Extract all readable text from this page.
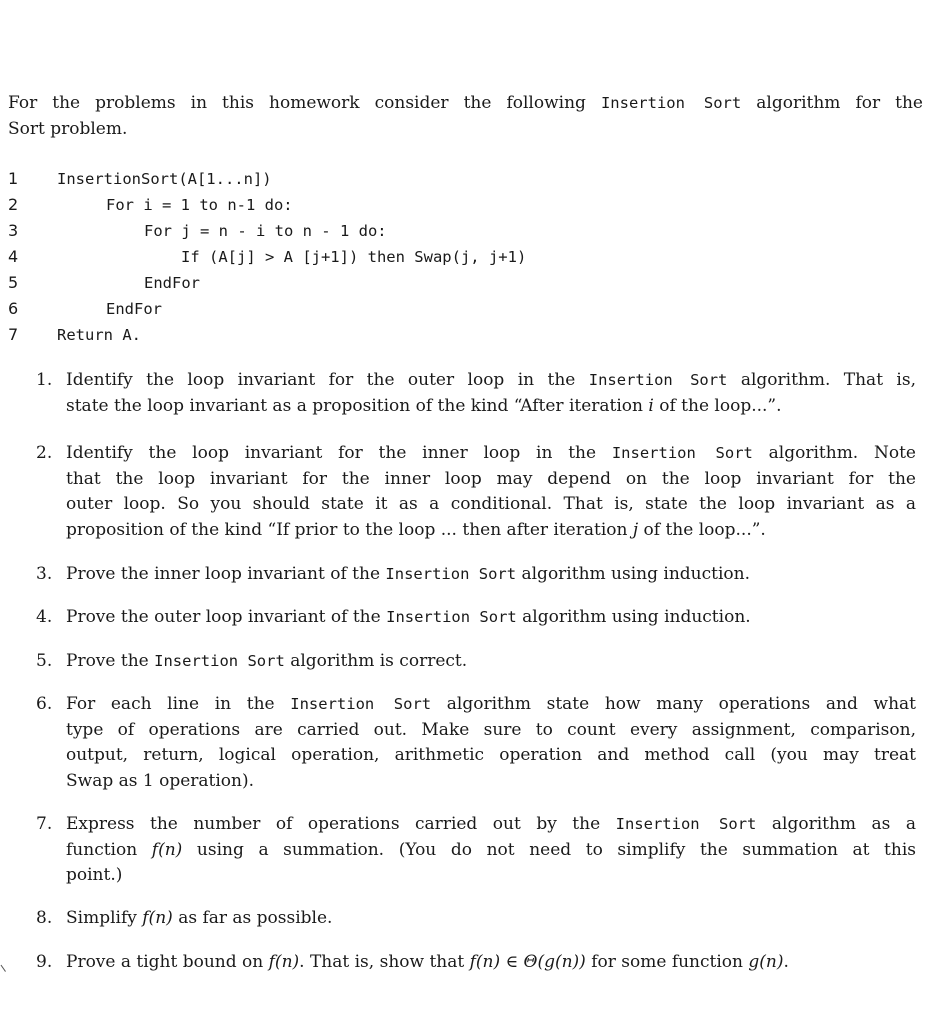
For the problems in this homework consider the following Insertion Sort algorithm for the
Sort problem.

1

	InsertionSort(A[1...n])

2

	For i = 1 to n-1 do:

3

	For j = n - i to n - 1 do:

4

	If (A[j] > A [j+1]) then Swap(j, j+1)

5

	EndFor

6

	EndFor

7

	Return A.

1. Identify the loop invariant for the outer loop in the Insertion Sort algorithm. That is,
state the loop invariant as a proposition of the kind “After iteration i of the loop...”.
2. Identify the loop invariant for the inner loop in the Insertion Sort algorithm. Note
that the loop invariant for the inner loop may depend on the loop invariant for the
outer loop. So you should state it as a conditional. That is, state the loop invariant as a
proposition of the kind “If prior to the loop ... then after iteration j of the loop...”.
3. Prove the inner loop invariant of the Insertion Sort algorithm using induction.
4. Prove the outer loop invariant of the Insertion Sort algorithm using induction.
5. Prove the Insertion Sort algorithm is correct.
6. For each line in the Insertion Sort algorithm state how many operations and what
type of operations are carried out. Make sure to count every assignment, comparison,
output, return, logical operation, arithmetic operation and method call (you may treat
Swap as 1 operation).
7. Express the number of operations carried out by the Insertion Sort algorithm as a
function f(n) using a summation. (You do not need to simplify the summation at this
point.)
8. Simplify f(n) as far as possible.
9. Prove a tight bound on f(n). That is, show that f(n) ∈ Θ(g(n)) for some function g(n).
